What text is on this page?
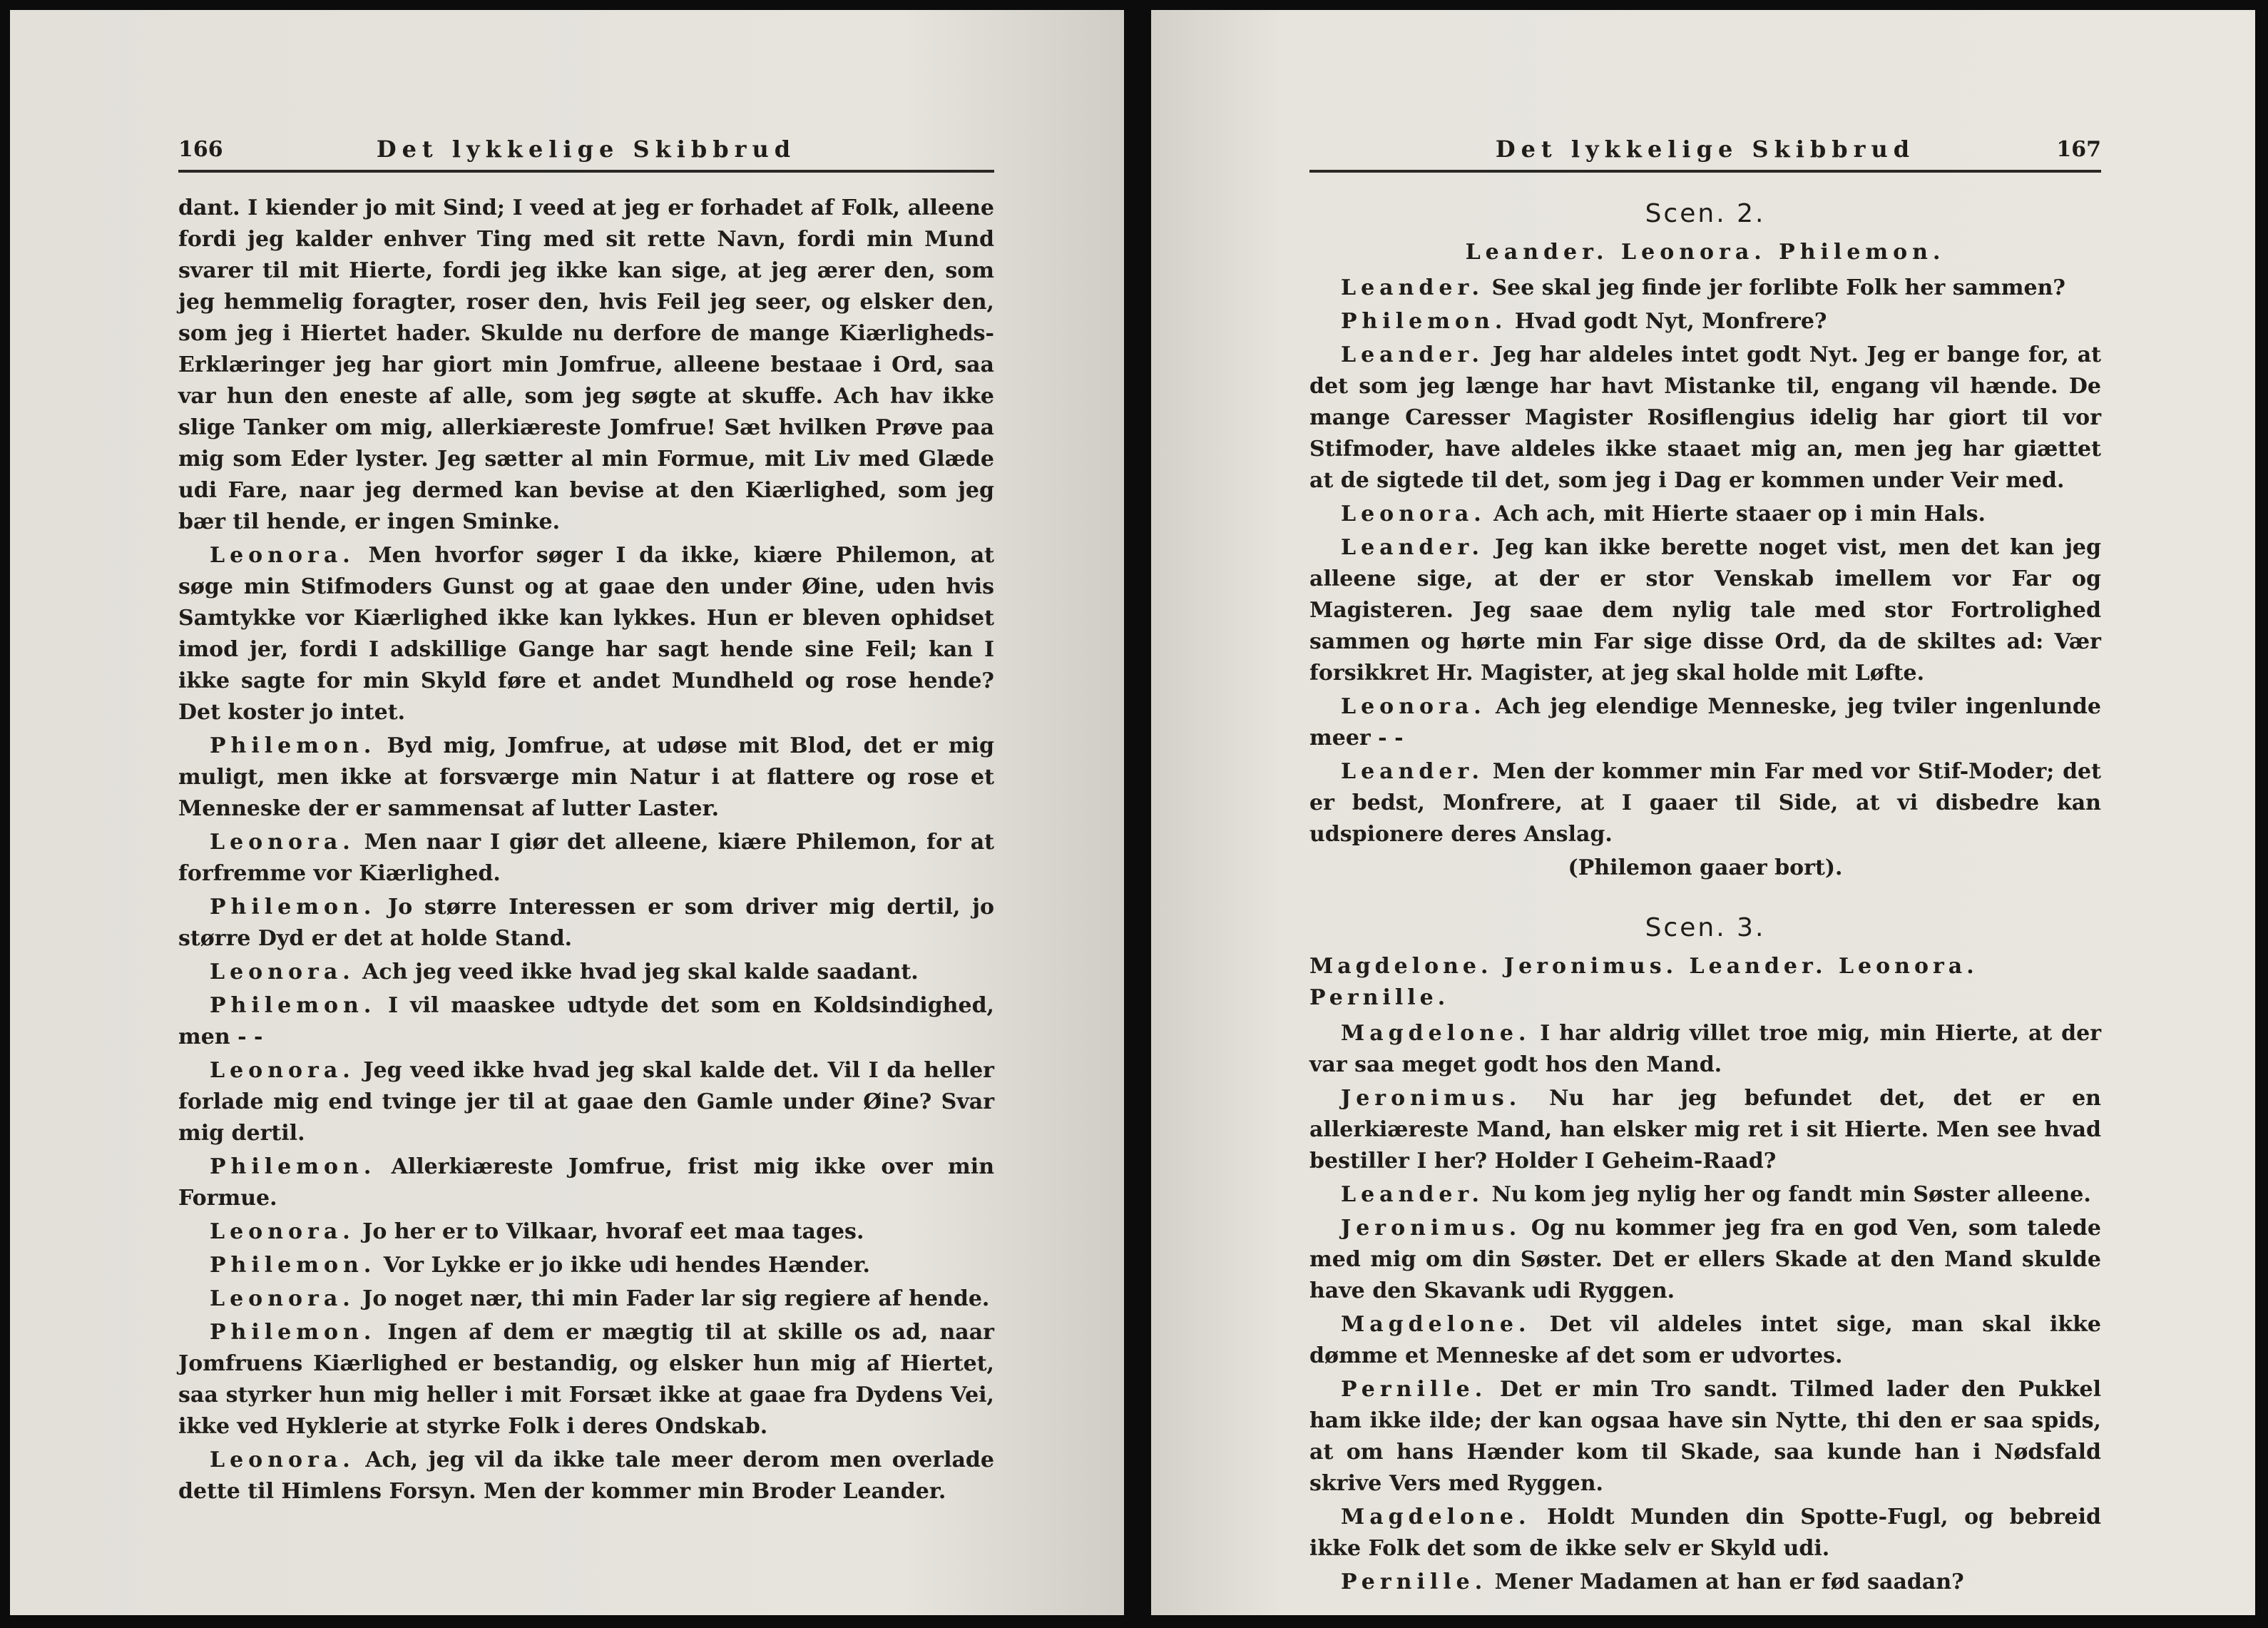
166	Det lykkelige Skibbrud

dant. I kiender jo mit Sind; I veed at jeg er forhadet af Folk, alleene fordi jeg kalder enhver Ting med sit rette Navn, fordi min Mund svarer til mit Hierte, fordi jeg ikke kan sige, at jeg ærer den, som jeg hemmelig foragter, roser den, hvis Feil jeg seer, og elsker den, som jeg i Hiertet hader. Skulde nu derfore de mange Kiærligheds-Erklæringer jeg har giort min Jomfrue, alleene bestaae i Ord, saa var hun den eneste af alle, som jeg søgte at skuffe. Ach hav ikke slige Tanker om mig, allerkiæreste Jomfrue! Sæt hvilken Prøve paa mig som Eder lyster. Jeg sætter al min Formue, mit Liv med Glæde udi Fare, naar jeg dermed kan bevise at den Kiærlighed, som jeg bær til hende, er ingen Sminke.

Leonora. Men hvorfor søger I da ikke, kiære Philemon, at søge min Stifmoders Gunst og at gaae den under Øine, uden hvis Samtykke vor Kiærlighed ikke kan lykkes. Hun er bleven ophidset imod jer, fordi I adskillige Gange har sagt hende sine Feil; kan I ikke sagte for min Skyld føre et andet Mundheld og rose hende? Det koster jo intet.

Philemon. Byd mig, Jomfrue, at udøse mit Blod, det er mig muligt, men ikke at forsværge min Natur i at flattere og rose et Menneske der er sammensat af lutter Laster.

Leonora. Men naar I giør det alleene, kiære Philemon, for at forfremme vor Kiærlighed.

Philemon. Jo større Interessen er som driver mig dertil, jo større Dyd er det at holde Stand.

Leonora. Ach jeg veed ikke hvad jeg skal kalde saadant.

Philemon. I vil maaskee udtyde det som en Koldsindighed, men - -

Leonora. Jeg veed ikke hvad jeg skal kalde det. Vil I da heller forlade mig end tvinge jer til at gaae den Gamle under Øine? Svar mig dertil.

Philemon. Allerkiæreste Jomfrue, frist mig ikke over min Formue.

Leonora. Jo her er to Vilkaar, hvoraf eet maa tages.

Philemon. Vor Lykke er jo ikke udi hendes Hænder.

Leonora. Jo noget nær, thi min Fader lar sig regiere af hende.

Philemon. Ingen af dem er mægtig til at skille os ad, naar Jomfruens Kiærlighed er bestandig, og elsker hun mig af Hiertet, saa styrker hun mig heller i mit Forsæt ikke at gaae fra Dydens Vei, ikke ved Hyklerie at styrke Folk i deres Ondskab.

Leonora. Ach, jeg vil da ikke tale meer derom men overlade dette til Himlens Forsyn. Men der kommer min Broder Leander.

Det lykkelige Skibbrud	167
Scen. 2.
Leander. Leonora. Philemon.

Leander. See skal jeg finde jer forlibte Folk her sammen?

Philemon. Hvad godt Nyt, Monfrere?

Leander. Jeg har aldeles intet godt Nyt. Jeg er bange for, at det som jeg længe har havt Mistanke til, engang vil hænde. De mange Caresser Magister Rosiflengius idelig har giort til vor Stifmoder, have aldeles ikke staaet mig an, men jeg har giættet at de sigtede til det, som jeg i Dag er kommen under Veir med.

Leonora. Ach ach, mit Hierte staaer op i min Hals.

Leander. Jeg kan ikke berette noget vist, men det kan jeg alleene sige, at der er stor Venskab imellem vor Far og Magisteren. Jeg saae dem nylig tale med stor Fortrolighed sammen og hørte min Far sige disse Ord, da de skiltes ad: Vær forsikkret Hr. Magister, at jeg skal holde mit Løfte.

Leonora. Ach jeg elendige Menneske, jeg tviler ingenlunde meer - -

Leander. Men der kommer min Far med vor Stif-Moder; det er bedst, Monfrere, at I gaaer til Side, at vi disbedre kan udspionere deres Anslag.

(Philemon gaaer bort).
Scen. 3.
Magdelone. Jeronimus. Leander. Leonora. Pernille.

Magdelone. I har aldrig villet troe mig, min Hierte, at der var saa meget godt hos den Mand.

Jeronimus. Nu har jeg befundet det, det er en allerkiæreste Mand, han elsker mig ret i sit Hierte. Men see hvad bestiller I her? Holder I Geheim-Raad?

Leander. Nu kom jeg nylig her og fandt min Søster alleene.

Jeronimus. Og nu kommer jeg fra en god Ven, som talede med mig om din Søster. Det er ellers Skade at den Mand skulde have den Skavank udi Ryggen.

Magdelone. Det vil aldeles intet sige, man skal ikke dømme et Menneske af det som er udvortes.

Pernille. Det er min Tro sandt. Tilmed lader den Pukkel ham ikke ilde; der kan ogsaa have sin Nytte, thi den er saa spids, at om hans Hænder kom til Skade, saa kunde han i Nødsfald skrive Vers med Ryggen.

Magdelone. Holdt Munden din Spotte-Fugl, og bebreid ikke Folk det som de ikke selv er Skyld udi.

Pernille. Mener Madamen at han er fød saadan?
